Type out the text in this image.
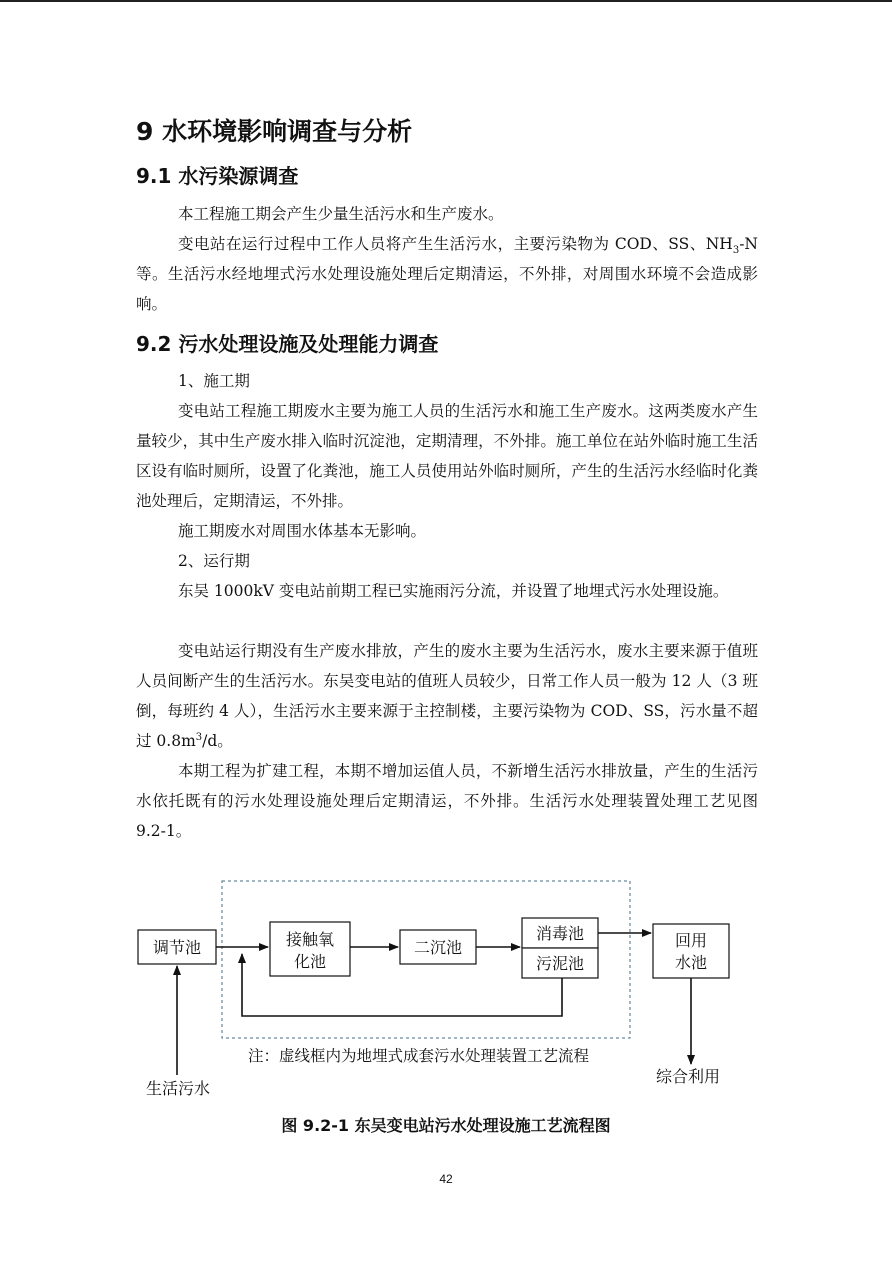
9 水环境影响调查与分析
9.1 水污染源调查

本工程施工期会产生少量生活污水和生产废水。

变电站在运行过程中工作人员将产生生活污水，主要污染物为 COD、SS、$NH_3-N$ 等。生活污水经地埋式污水处理设施处理后定期清运，不外排，对周围水环境不会造成影响。

9.2 污水处理设施及处理能力调查

1、施工期

变电站工程施工期废水主要为施工人员的生活污水和施工生产废水。这两类废水产生量较少，其中生产废水排入临时沉淀池，定期清理，不外排。施工单位在站外临时施工生活区设有临时厕所，设置了化粪池，施工人员使用站外临时厕所，产生的生活污水经临时化粪池处理后，定期清运，不外排。

施工期废水对周围水体基本无影响。

2、运行期

东吴 1000kV 变电站前期工程已实施雨污分流，并设置了地埋式污水处理设施。

变电站运行期没有生产废水排放，产生的废水主要为生活污水，废水主要来源于值班人员间断产生的生活污水。东吴变电站的值班人员较少，日常工作人员一般为 12 人（3 班倒，每班约 4 人），生活污水主要来源于主控制楼，主要污染物为 COD、SS，污水量不超过 $0.8m^3/d$。

本期工程为扩建工程，本期不增加运值人员，不新增生活污水排放量，产生的生活污水依托既有的污水处理设施处理后定期清运，不外排。生活污水处理装置处理工艺见图 9.2-1。

调节池	接触氧
化池
二沉池
消毒池
污泥池
回用
水池
注：虚线框内为地埋式成套污水处理装置工艺流程
生活污水
综合利用
图 9.2-1 东吴变电站污水处理设施工艺流程图
42
